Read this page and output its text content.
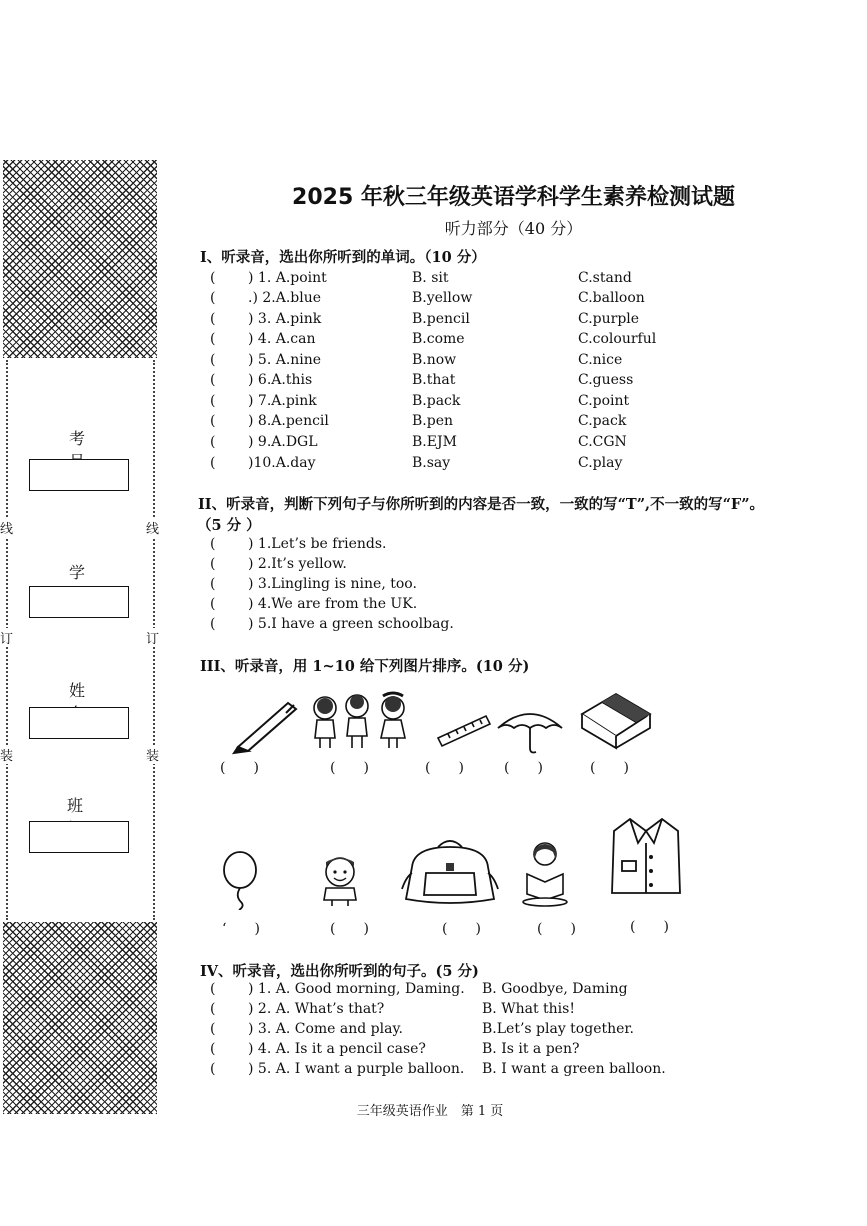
线
订
装
线
订
装
考
学
姓
班
2025 年秋三年级英语学科学生素养检测试题
听力部分（40 分）
Ⅰ、听录音，选出你所听到的单词。（10 分）
( ) 1. A.point	B. sit	C.stand
( .) 2.A.blue	B.yellow	C.balloon
( ) 3. A.pink	B.pencil	C.purple
( ) 4. A.can	B.come	C.colourful
( ) 5. A.nine	B.now	C.nice
( ) 6.A.this	B.that	C.guess
( ) 7.A.pink	B.pack	C.point
( ) 8.A.pencil	B.pen	C.pack
( ) 9.A.DGL	B.EJM	C.CGN
( )10.A.day	B.say	C.play
II、听录音，判断下列句子与你所听到的内容是否一致，一致的写“T”,不一致的写“F”。
（5 分 ）
( ) 1.Let’s be friends.
( ) 2.It’s yellow.
( ) 3.Lingling is nine, too.
( ) 4.We are from the UK.
( ) 5.I have a green schoolbag.
III、听录音，用 1~10 给下列图片排序。(10 分)
(　　)	(　　)	(　　)	(　　)	(　　)
‘　　)	(　　)	(　　)	(　　)	(　　)
IV、听录音，选出你所听到的句子。(5 分)
( ) 1. A. Good morning, Daming. B. Goodbye, Daming
( ) 2. A. What’s that?	B. What this!
( ) 3. A. Come and play.	B.Let’s play together.
( ) 4. A. Is it a pencil case?	B. Is it a pen?
( ) 5. A. I want a purple balloon. B. I want a green balloon.
三年级英语作业　第 1 页
